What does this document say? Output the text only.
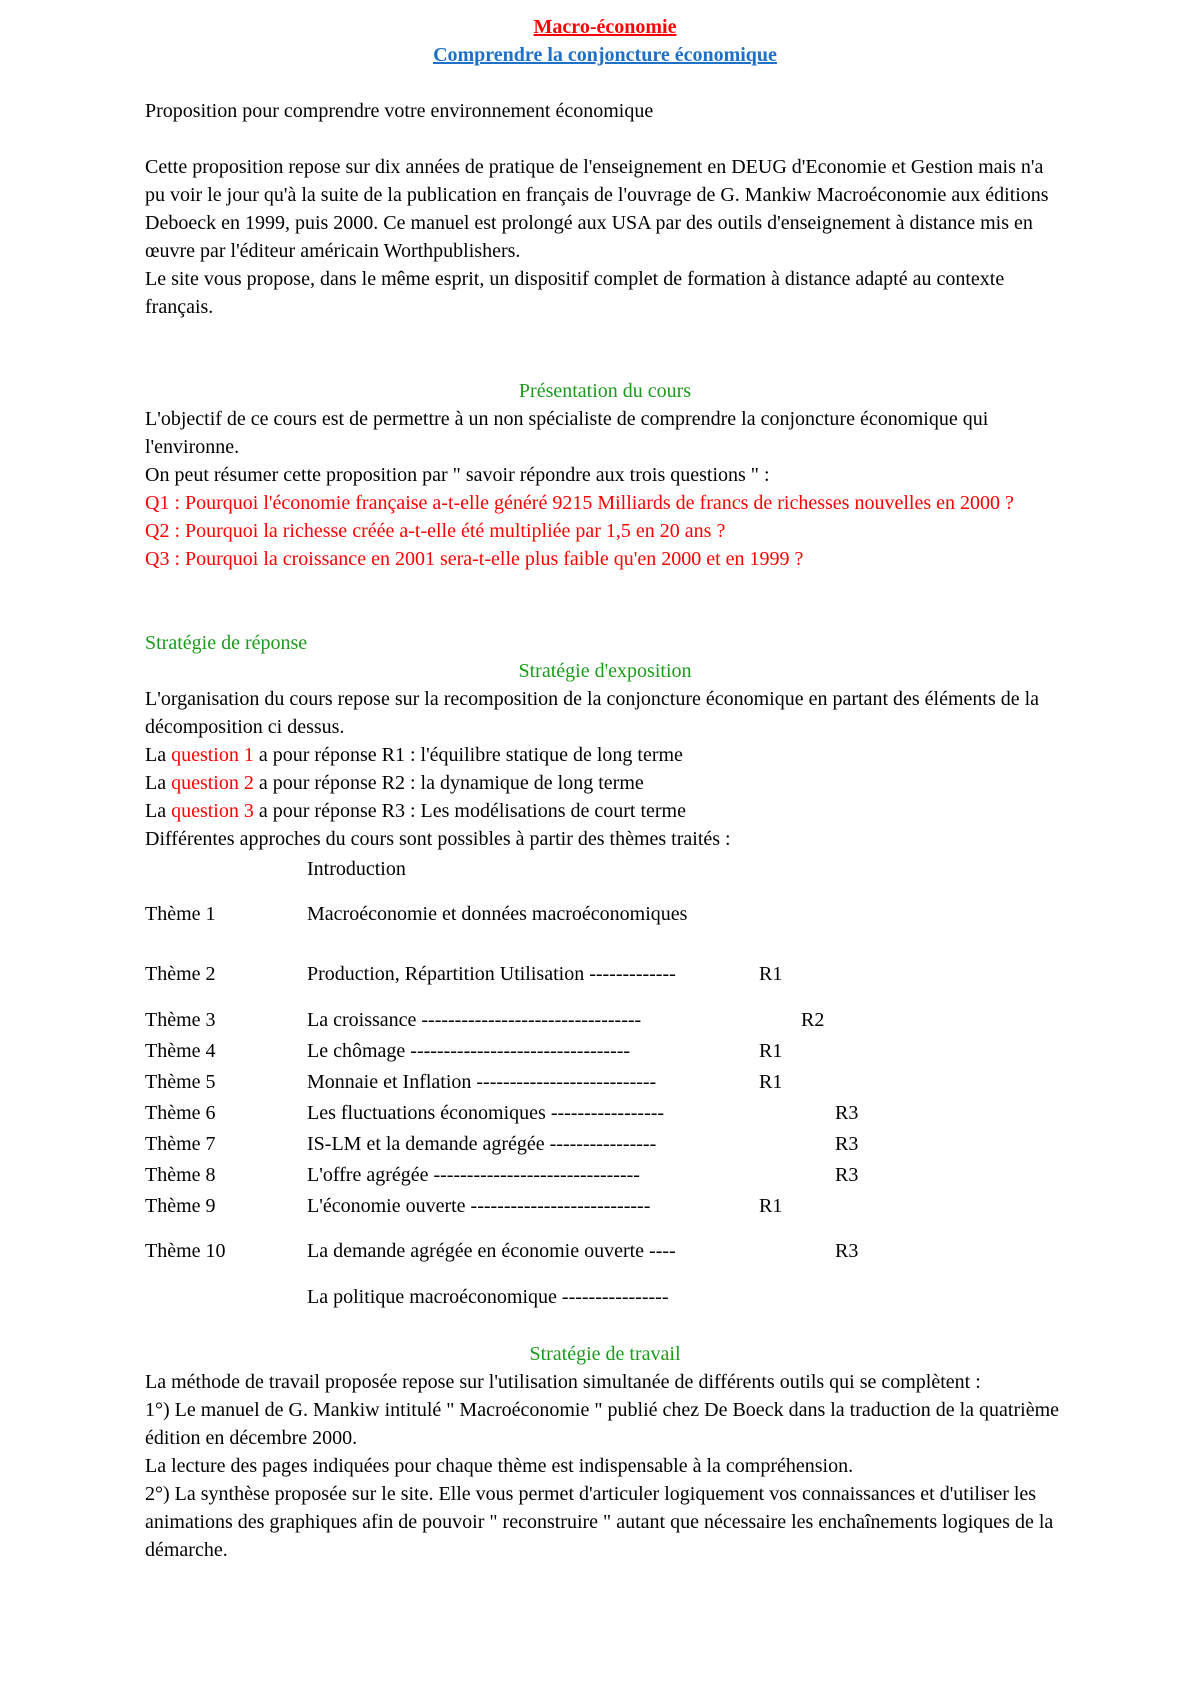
Macro-économie

Comprendre la conjoncture économique

Proposition pour comprendre votre environnement économique

Cette proposition repose sur dix années de pratique de l'enseignement en DEUG d'Economie et Gestion mais n'a pu voir le jour qu'à la suite de la publication en français de l'ouvrage de G. Mankiw Macroéconomie aux éditions Deboeck en 1999, puis 2000. Ce manuel est prolongé aux USA par des outils d'enseignement à distance mis en œuvre par l'éditeur américain Worthpublishers.

Le site vous propose, dans le même esprit, un dispositif complet de formation à distance adapté au contexte français.

Présentation du cours

L'objectif de ce cours est de permettre à un non spécialiste de comprendre la conjoncture économique qui l'environne.

On peut résumer cette proposition par " savoir répondre aux trois questions " :

Q1 : Pourquoi l'économie française a-t-elle généré 9215 Milliards de francs de richesses nouvelles en 2000 ?

Q2 : Pourquoi la richesse créée a-t-elle été multipliée par 1,5 en 20 ans ?

Q3 : Pourquoi la croissance en 2001 sera-t-elle plus faible qu'en 2000 et en 1999 ?

Stratégie de réponse

Stratégie d'exposition

L'organisation du cours repose sur la recomposition de la conjoncture économique en partant des éléments de la décomposition ci dessus.

La question 1 a pour réponse R1 : l'équilibre statique de long terme

La question 2 a pour réponse R2 : la dynamique de long terme

La question 3 a pour réponse R3 : Les modélisations de court terme

Différentes approches du cours sont possibles à partir des thèmes traités :

	Introduction	
Thème 1	Macroéconomie et données macroéconomiques	
Thème 2	Production, Répartition Utilisation -------------	R1
Thème 3	La croissance ---------------------------------	R2
Thème 4	Le chômage ---------------------------------	R1
Thème 5	Monnaie et Inflation ---------------------------	R1
Thème 6	Les fluctuations économiques -----------------	R3
Thème 7	IS-LM et la demande agrégée ----------------	R3
Thème 8	L'offre agrégée -------------------------------	R3
Thème 9	L'économie ouverte ---------------------------	R1
Thème 10	La demande agrégée en économie ouverte ----	R3
	La politique macroéconomique ----------------	

Stratégie de travail

La méthode de travail proposée repose sur l'utilisation simultanée de différents outils qui se complètent :

1°) Le manuel de G. Mankiw intitulé " Macroéconomie " publié chez De Boeck dans la traduction de la quatrième édition en décembre 2000.

La lecture des pages indiquées pour chaque thème est indispensable à la compréhension.

2°) La synthèse proposée sur le site. Elle vous permet d'articuler logiquement vos connaissances et d'utiliser les animations des graphiques afin de pouvoir " reconstruire " autant que nécessaire les enchaînements logiques de la démarche.
